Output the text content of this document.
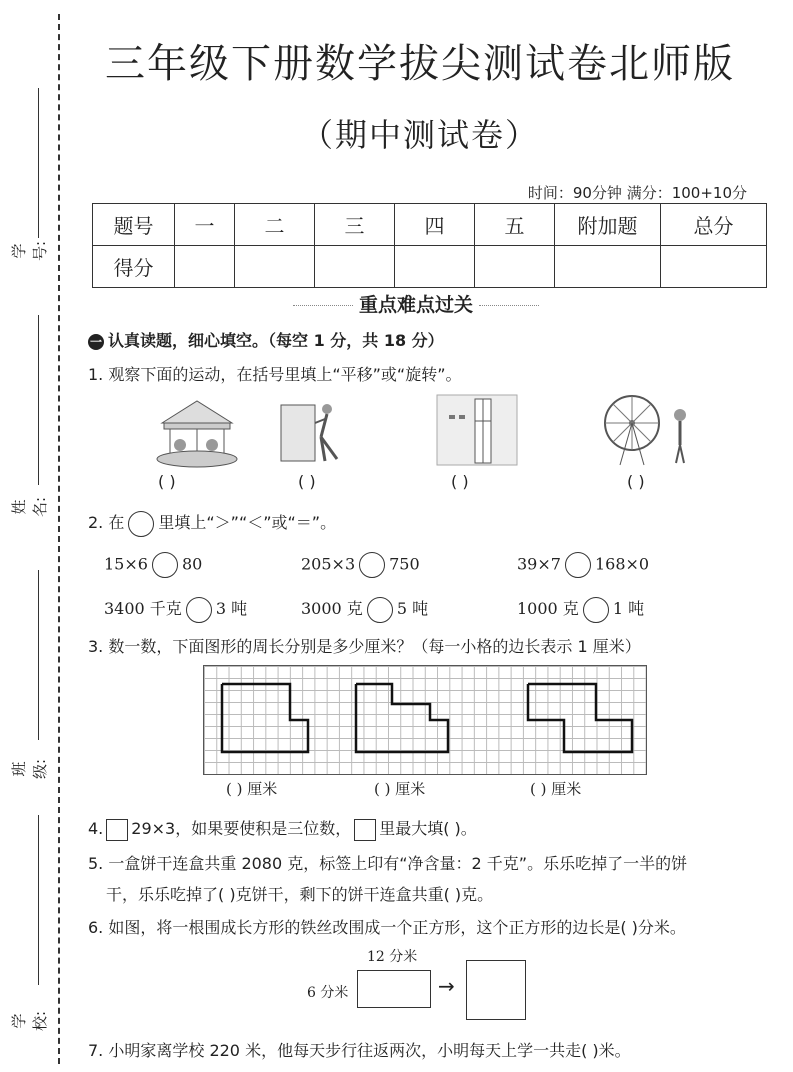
学号:
姓名:
班级:
学校:
三年级下册数学拔尖测试卷北师版
（期中测试卷）
时间：90分钟 满分：100+10分
题号	一	二	三	四	五	附加题	总分
得分							
重点难点过关
一 认真读题，细心填空。（每空 1 分，共 18 分）
1. 观察下面的运动，在括号里填上“平移”或“旋转”。
( )	( )	( )	( )
2. 在 里填上“＞”“＜”或“＝”。
15×6 80	205×3 750	39×7 168×0
3400 千克 3 吨	3000 克 5 吨	1000 克 1 吨
3. 数一数，下面图形的周长分别是多少厘米？（每一小格的边长表示 1 厘米）
( ) 厘米	( ) 厘米	( ) 厘米
4. 29×3，如果要使积是三位数， 里最大填( )。
5. 一盒饼干连盒共重 2080 克，标签上印有“净含量：2 千克”。乐乐吃掉了一半的饼
干，乐乐吃掉了( )克饼干，剩下的饼干连盒共重( )克。
6. 如图，将一根围成长方形的铁丝改围成一个正方形，这个正方形的边长是( )分米。
12 分米
6 分米	→
7. 小明家离学校 220 米，他每天步行往返两次，小明每天上学一共走( )米。
